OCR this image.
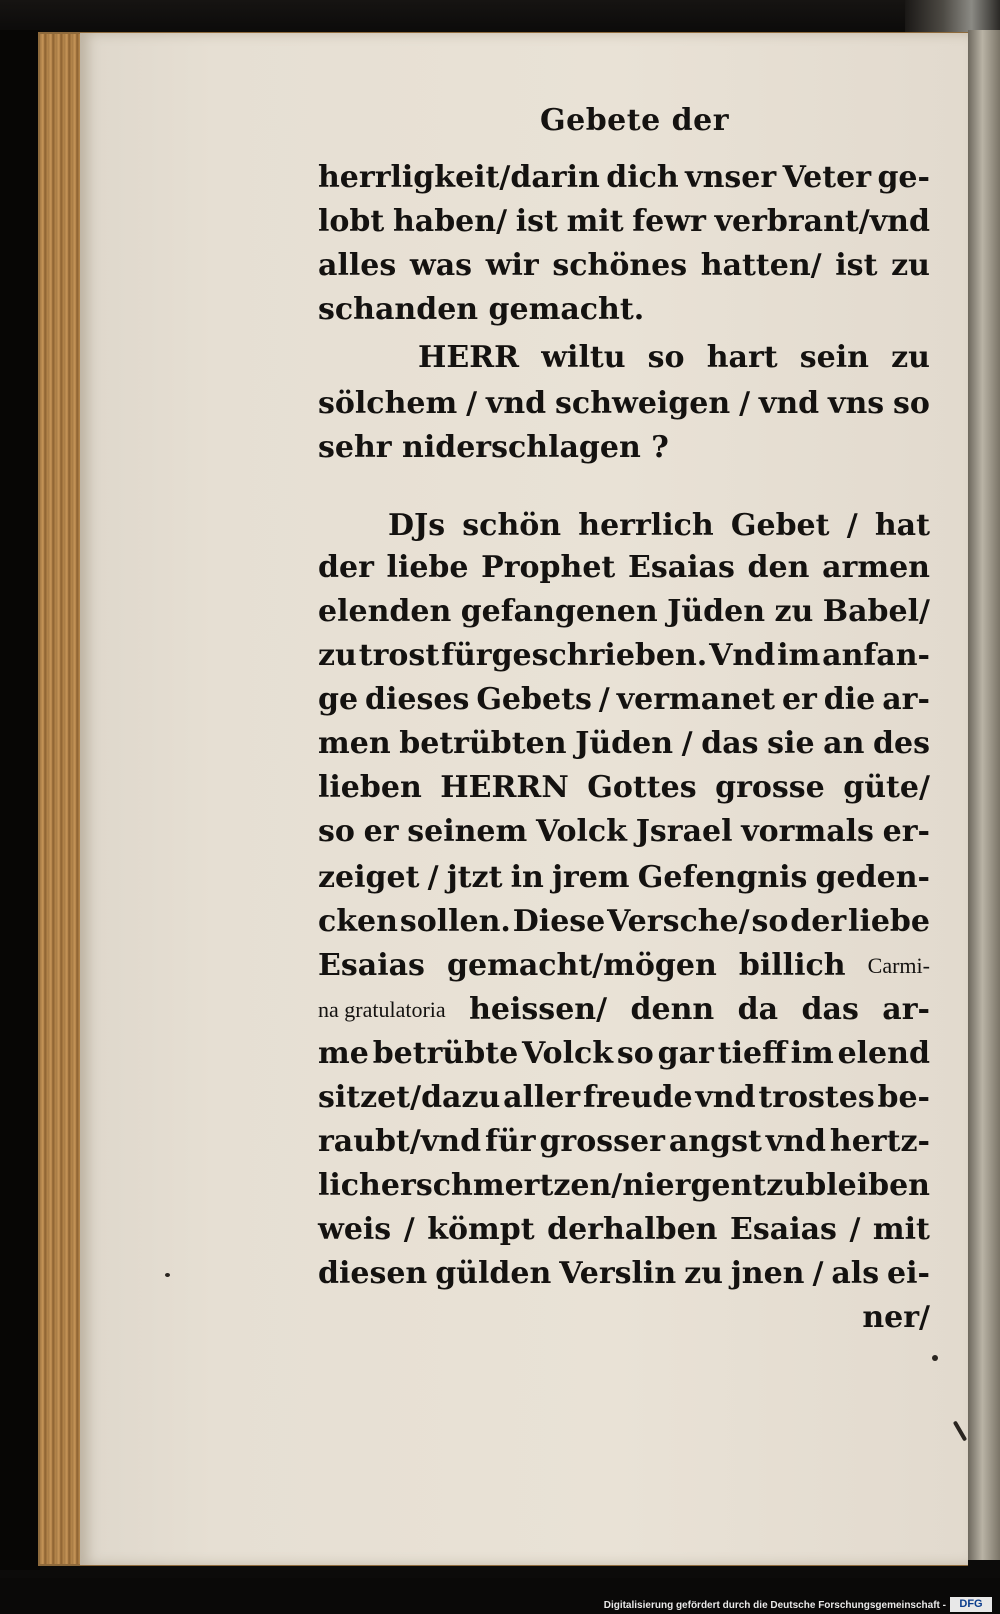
Gebete der
herrligkeit/darin dich vnser Veter ge-
lobt haben/ ist mit fewr verbrant/vnd
alles was wir schönes hatten/ ist zu
schanden gemacht.
HERR wiltu so hart sein zu
sölchem / vnd schweigen / vnd vns so
sehr niderschlagen ?
DJs schön herrlich Gebet / hat
der liebe Prophet Esaias den armen
elenden gefangenen Jüden zu Babel/
zu trost fürgeschrieben. Vnd im anfan-
ge dieses Gebets / vermanet er die ar-
men betrübten Jüden / das sie an des
lieben HERRN Gottes grosse güte/
so er seinem Volck Jsrael vormals er-
zeiget / jtzt in jrem Gefengnis geden-
cken sollen. Diese Versche/ so der liebe
Esaias gemacht/mögen billich Carmi-
na gratulatoria heissen/ denn da das ar-
me betrübte Volck so gar tieff im elend
sitzet/dazu aller freude vnd trostes be-
raubt/vnd für grosser angst vnd hertz-
licher schmertzen/ niergent zu bleiben
weis / kömpt derhalben Esaias / mit
diesen gülden Verslin zu jnen / als ei-
ner/
Digitalisierung gefördert durch die Deutsche Forschungsgemeinschaft -	DFG
